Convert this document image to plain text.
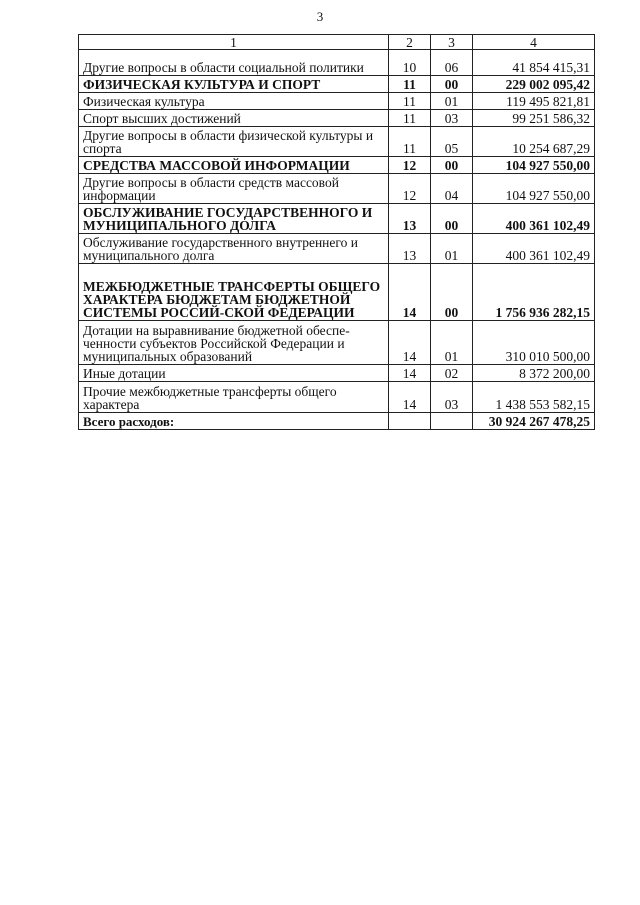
3
1	2	3	4
Другие вопросы в области социальной политики	10	06	41 854 415,31
ФИЗИЧЕСКАЯ КУЛЬТУРА И СПОРТ	11	00	229 002 095,42
Физическая культура	11	01	119 495 821,81
Спорт высших достижений	11	03	99 251 586,32
Другие вопросы в области физической культуры и спорта	11	05	10 254 687,29
СРЕДСТВА МАССОВОЙ ИНФОРМАЦИИ	12	00	104 927 550,00
Другие вопросы в области средств массовой информации	12	04	104 927 550,00
ОБСЛУЖИВАНИЕ ГОСУДАРСТВЕННОГО И МУНИЦИПАЛЬНОГО ДОЛГА	13	00	400 361 102,49
Обслуживание государственного внутреннего и муниципального долга	13	01	400 361 102,49
МЕЖБЮДЖЕТНЫЕ ТРАНСФЕРТЫ ОБЩЕГО ХАРАКТЕРА БЮДЖЕТАМ БЮДЖЕТНОЙ СИСТЕМЫ РОССИЙ-СКОЙ ФЕДЕРАЦИИ	14	00	1 756 936 282,15
Дотации на выравнивание бюджетной обеспе-ченности субъектов Российской Федерации и муниципальных образований	14	01	310 010 500,00
Иные дотации	14	02	8 372 200,00
Прочие межбюджетные трансферты общего характера	14	03	1 438 553 582,15
Всего расходов:			30 924 267 478,25
